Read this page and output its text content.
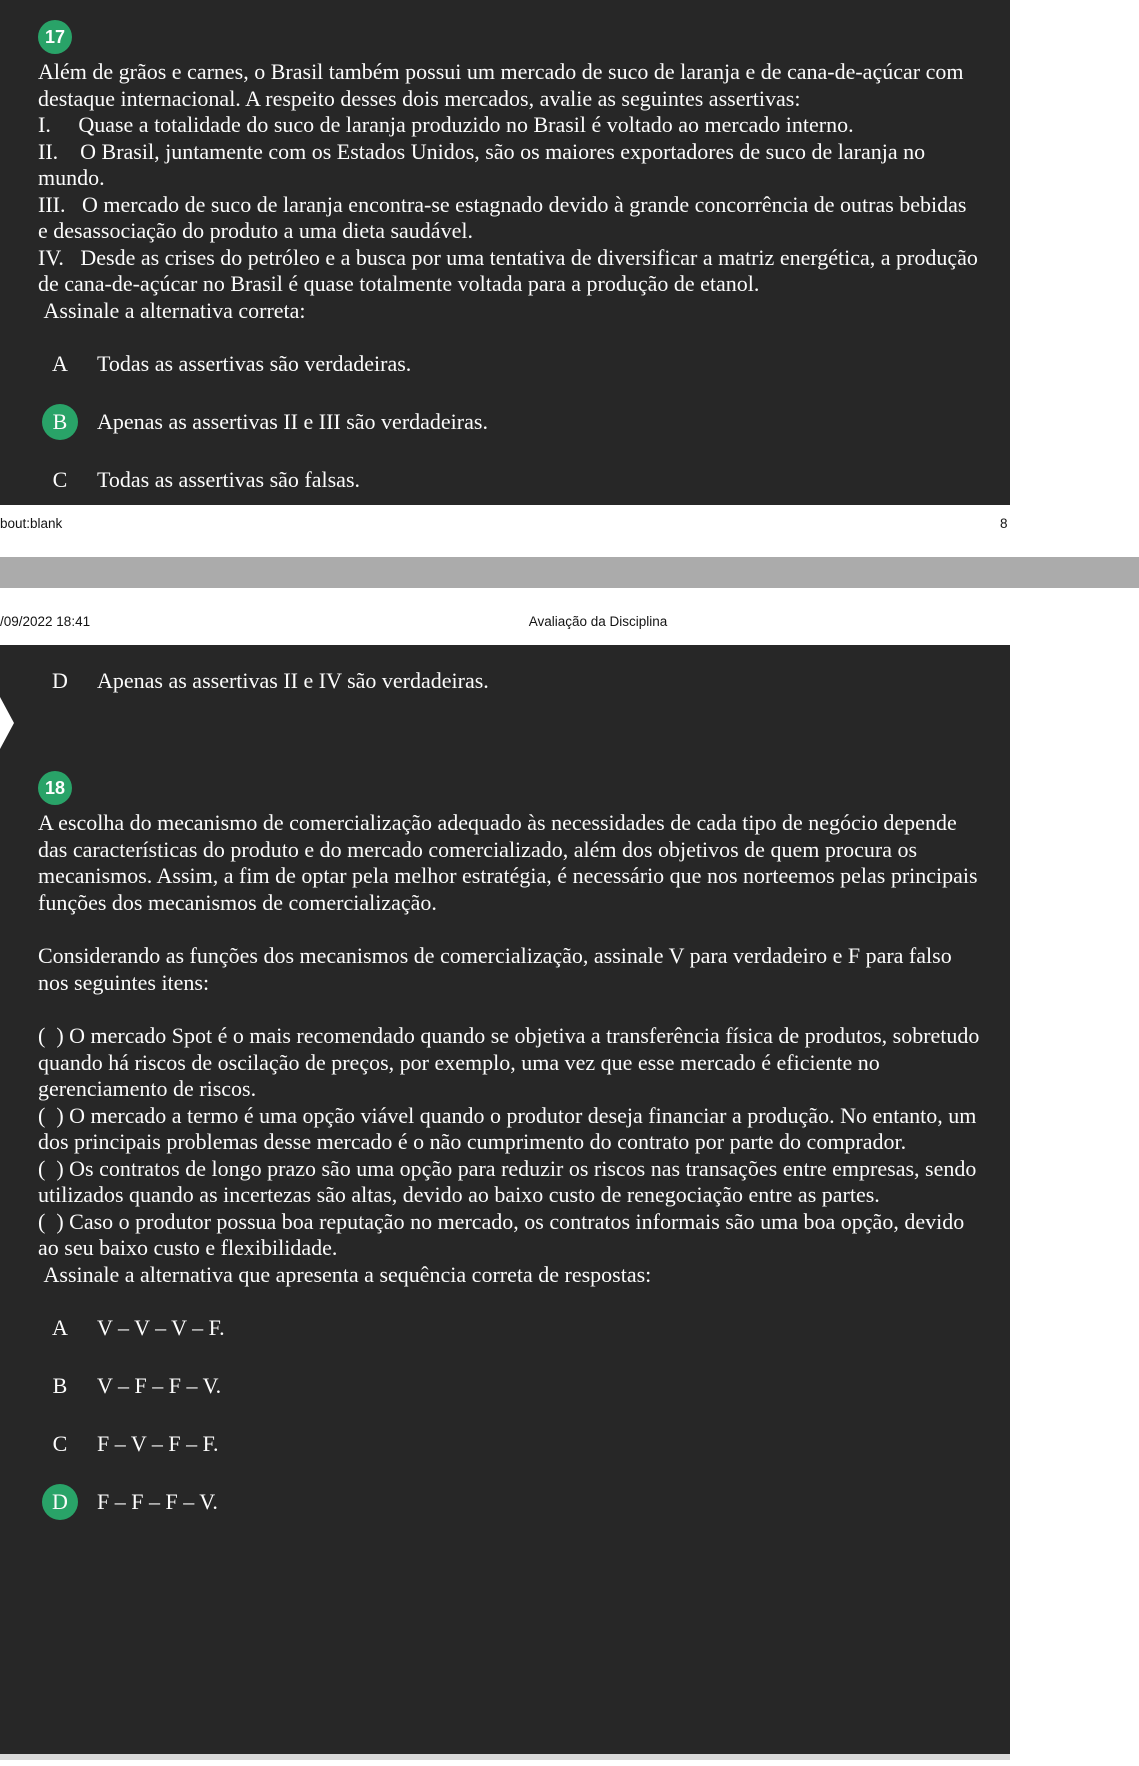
17

Além de grãos e carnes, o Brasil também possui um mercado de suco de laranja e de cana-de-açúcar com destaque internacional. A respeito desses dois mercados, avalie as seguintes assertivas:

I.     Quase a totalidade do suco de laranja produzido no Brasil é voltado ao mercado interno.
II.    O Brasil, juntamente com os Estados Unidos, são os maiores exportadores de suco de laranja no mundo.
III.   O mercado de suco de laranja encontra-se estagnado devido à grande concorrência de outras bebidas e desassociação do produto a uma dieta saudável.
IV.   Desde as crises do petróleo e a busca por uma tentativa de diversificar a matriz energética, a produção de cana-de-açúcar no Brasil é quase totalmente voltada para a produção de etanol.
Assinale a alternativa correta:
A	Todas as assertivas são verdadeiras.
B	Apenas as assertivas II e III são verdadeiras.
C	Todas as assertivas são falsas.
bout:blank	8
/09/2022 18:41	Avaliação da Disciplina
D	Apenas as assertivas II e IV são verdadeiras.
18

A escolha do mecanismo de comercialização adequado às necessidades de cada tipo de negócio depende das características do produto e do mercado comercializado, além dos objetivos de quem procura os mecanismos. Assim, a fim de optar pela melhor estratégia, é necessário que nos norteemos pelas principais funções dos mecanismos de comercialização.

Considerando as funções dos mecanismos de comercialização, assinale V para verdadeiro e F para falso nos seguintes itens:

(  ) O mercado Spot é o mais recomendado quando se objetiva a transferência física de produtos, sobretudo quando há riscos de oscilação de preços, por exemplo, uma vez que esse mercado é eficiente no gerenciamento de riscos.
(  ) O mercado a termo é uma opção viável quando o produtor deseja financiar a produção. No entanto, um dos principais problemas desse mercado é o não cumprimento do contrato por parte do comprador.
(  ) Os contratos de longo prazo são uma opção para reduzir os riscos nas transações entre empresas, sendo utilizados quando as incertezas são altas, devido ao baixo custo de renegociação entre as partes.
(  ) Caso o produtor possua boa reputação no mercado, os contratos informais são uma boa opção, devido ao seu baixo custo e flexibilidade.
Assinale a alternativa que apresenta a sequência correta de respostas:
A	V – V – V – F.
B	V – F – F – V.
C	F – V – F – F.
D	F – F – F – V.
